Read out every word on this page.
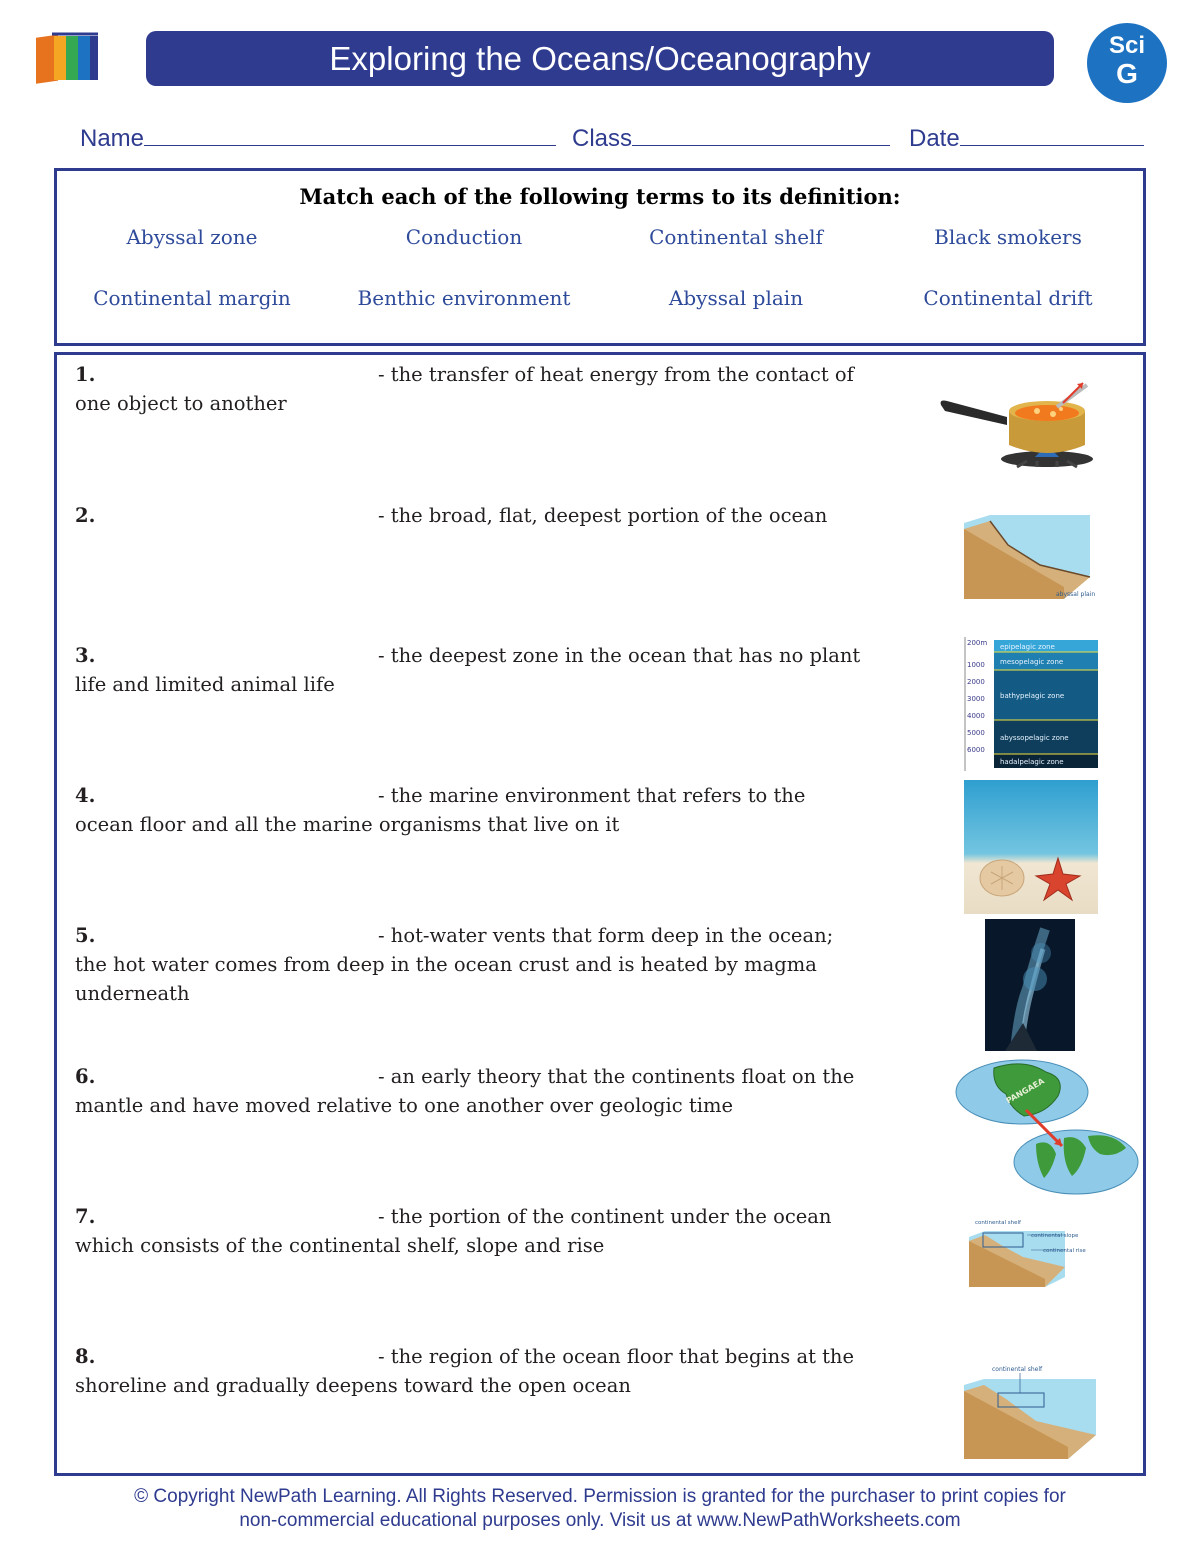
Exploring the Oceans/Oceanography	Sci
G
Name	Class	Date
Match each of the following terms to its definition:
Abyssal zone	Conduction	Continental shelf	Black smokers
Continental margin	Benthic environment	Abyssal plain	Continental drift
1.	- the transfer of heat energy from the contact of
one object to another
2.	- the broad, flat, deepest portion of the ocean
abyssal plain
3.	- the deepest zone in the ocean that has no plant
life and limited animal life
200m
1000
2000
3000
4000
5000
6000
epipelagic zone
mesopelagic zone
bathypelagic zone
abyssopelagic zone
hadalpelagic zone
4.	- the marine environment that refers to the
ocean floor and all the marine organisms that live on it
5.	- hot-water vents that form deep in the ocean;
the hot water comes from deep in the ocean crust and is heated by magma
underneath
6.	- an early theory that the continents float on the
mantle and have moved relative to one another over geologic time
PANGAEA
7.	- the portion of the continent under the ocean
which consists of the continental shelf, slope and rise
continental shelf
continental slope
continental rise
8.	- the region of the ocean floor that begins at the
shoreline and gradually deepens toward the open ocean
continental shelf
© Copyright NewPath Learning. All Rights Reserved. Permission is granted for the purchaser to print copies for
non-commercial educational purposes only. Visit us at www.NewPathWorksheets.com
